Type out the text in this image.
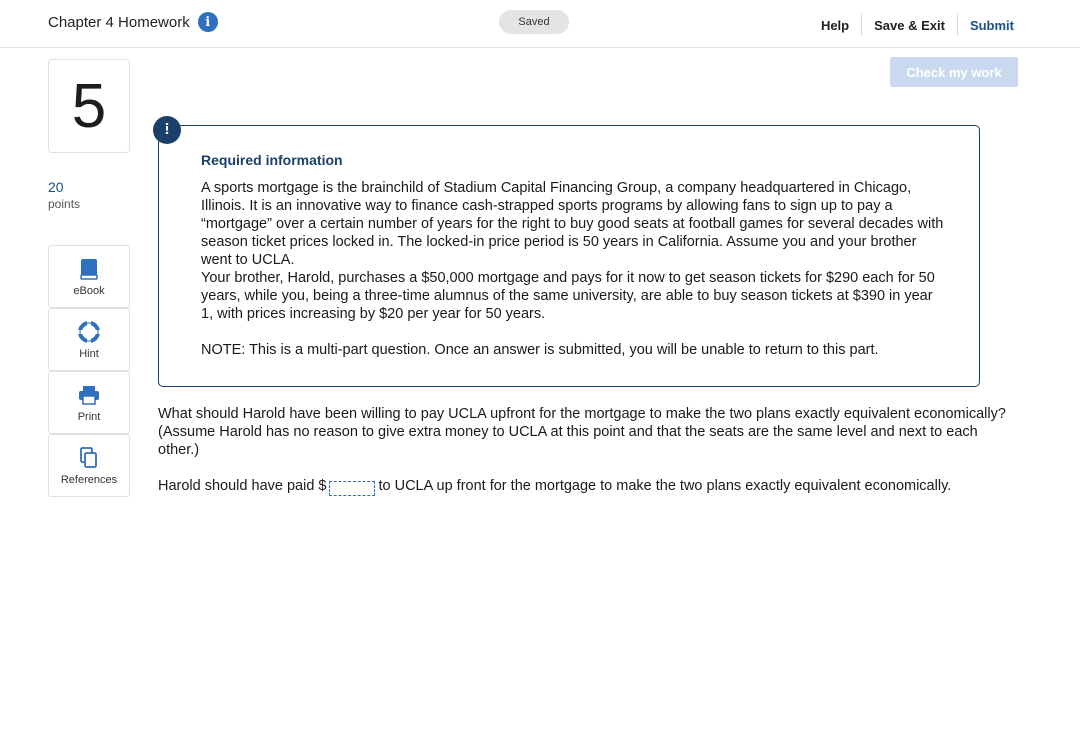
Chapter 4 Homework	i	Saved	Help	Save & Exit	Submit
5
20
points
eBook
Hint
Print
References
Check my work
!
Required information

A sports mortgage is the brainchild of Stadium Capital Financing Group, a company headquartered in Chicago, Illinois. It is an innovative way to finance cash-strapped sports programs by allowing fans to sign up to pay a “mortgage” over a certain number of years for the right to buy good seats at football games for several decades with season ticket prices locked in. The locked-in price period is 50 years in California. Assume you and your brother went to UCLA.

Your brother, Harold, purchases a $50,000 mortgage and pays for it now to get season tickets for $290 each for 50 years, while you, being a three-time alumnus of the same university, are able to buy season tickets at $390 in year 1, with prices increasing by $20 per year for 50 years.

NOTE: This is a multi-part question. Once an answer is submitted, you will be unable to return to this part.
What should Harold have been willing to pay UCLA upfront for the mortgage to make the two plans exactly equivalent economically? (Assume Harold has no reason to give extra money to UCLA at this point and that the seats are the same level and next to each other.)
Harold should have paid $	to UCLA up front for the mortgage to make the two plans exactly equivalent economically.
